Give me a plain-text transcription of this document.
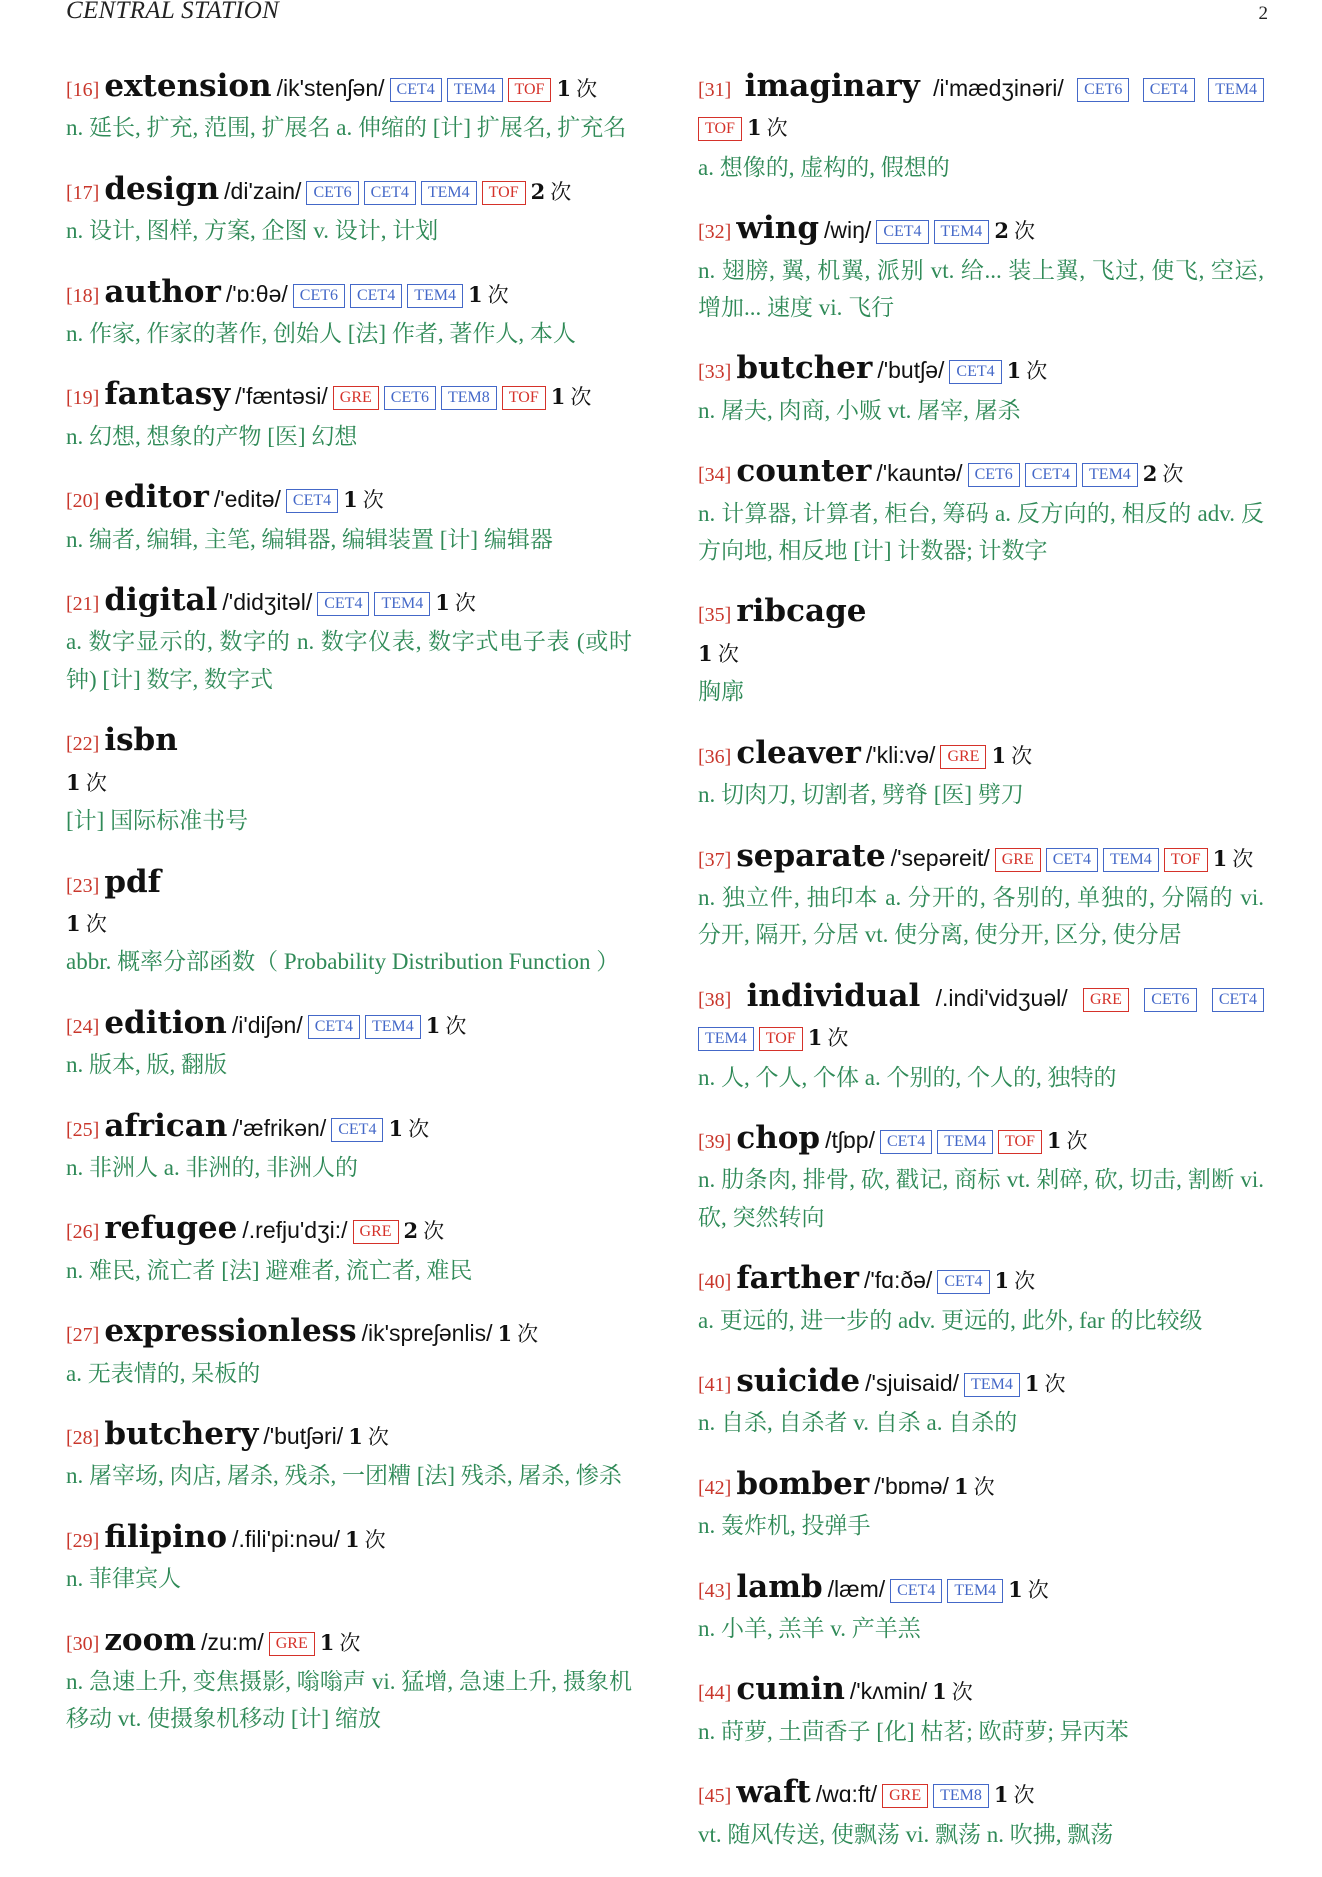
CENTRAL STATION	2
[16] extension /ik'stenʃən/ CET4 TEM4 TOF 1 次
n. 延长, 扩充, 范围, 扩展名 a. 伸缩的 [计] 扩展名, 扩充名
[17] design /di'zain/ CET6 CET4 TEM4 TOF 2 次
n. 设计, 图样, 方案, 企图 v. 设计, 计划
[18] author /'ɒ:θə/ CET6 CET4 TEM4 1 次
n. 作家, 作家的著作, 创始人 [法] 作者, 著作人, 本人
[19] fantasy /'fæntəsi/ GRE CET6 TEM8 TOF 1 次
n. 幻想, 想象的产物 [医] 幻想
[20] editor /'editə/ CET4 1 次
n. 编者, 编辑, 主笔, 编辑器, 编辑装置 [计] 编辑器
[21] digital /'didʒitəl/ CET4 TEM4 1 次
a. 数字显示的, 数字的 n. 数字仪表, 数字式电子表 (或时钟) [计] 数字, 数字式
[22] isbn
1 次
[计] 国际标准书号
[23] pdf
1 次
abbr. 概率分部函数（ Probability Distribution Function ）
[24] edition /i'diʃən/ CET4 TEM4 1 次
n. 版本, 版, 翻版
[25] african /'æfrikən/ CET4 1 次
n. 非洲人 a. 非洲的, 非洲人的
[26] refugee /.refju'dʒi:/ GRE 2 次
n. 难民, 流亡者 [法] 避难者, 流亡者, 难民
[27] expressionless /ik'spreʃənlis/ 1 次
a. 无表情的, 呆板的
[28] butchery /'butʃəri/ 1 次
n. 屠宰场, 肉店, 屠杀, 残杀, 一团糟 [法] 残杀, 屠杀, 惨杀
[29] filipino /.fili'pi:nəu/ 1 次
n. 菲律宾人
[30] zoom /zu:m/ GRE 1 次
n. 急速上升, 变焦摄影, 嗡嗡声 vi. 猛增, 急速上升, 摄象机移动 vt. 使摄象机移动 [计] 缩放
[31] imaginary /i'mædʒinəri/ CET6 CET4 TEM4 TOF 1 次
a. 想像的, 虚构的, 假想的
[32] wing /wiŋ/ CET4 TEM4 2 次
n. 翅膀, 翼, 机翼, 派别 vt. 给... 装上翼, 飞过, 使飞, 空运, 增加... 速度 vi. 飞行
[33] butcher /'butʃə/ CET4 1 次
n. 屠夫, 肉商, 小贩 vt. 屠宰, 屠杀
[34] counter /'kauntə/ CET6 CET4 TEM4 2 次
n. 计算器, 计算者, 柜台, 筹码 a. 反方向的, 相反的 adv. 反方向地, 相反地 [计] 计数器; 计数字
[35] ribcage
1 次
胸廓
[36] cleaver /'kli:və/ GRE 1 次
n. 切肉刀, 切割者, 劈脊 [医] 劈刀
[37] separate /'sepəreit/ GRE CET4 TEM4 TOF 1 次
n. 独立件, 抽印本 a. 分开的, 各别的, 单独的, 分隔的 vi. 分开, 隔开, 分居 vt. 使分离, 使分开, 区分, 使分居
[38] individual /.indi'vidʒuəl/ GRE CET6 CET4 TEM4 TOF 1 次
n. 人, 个人, 个体 a. 个别的, 个人的, 独特的
[39] chop /tʃɒp/ CET4 TEM4 TOF 1 次
n. 肋条肉, 排骨, 砍, 戳记, 商标 vt. 剁碎, 砍, 切击, 割断 vi. 砍, 突然转向
[40] farther /'fɑ:ðə/ CET4 1 次
a. 更远的, 进一步的 adv. 更远的, 此外, far 的比较级
[41] suicide /'sjuisaid/ TEM4 1 次
n. 自杀, 自杀者 v. 自杀 a. 自杀的
[42] bomber /'bɒmə/ 1 次
n. 轰炸机, 投弹手
[43] lamb /læm/ CET4 TEM4 1 次
n. 小羊, 羔羊 v. 产羊羔
[44] cumin /'kʌmin/ 1 次
n. 莳萝, 土茴香子 [化] 枯茗; 欧莳萝; 异丙苯
[45] waft /wɑ:ft/ GRE TEM8 1 次
vt. 随风传送, 使飘荡 vi. 飘荡 n. 吹拂, 飘荡
